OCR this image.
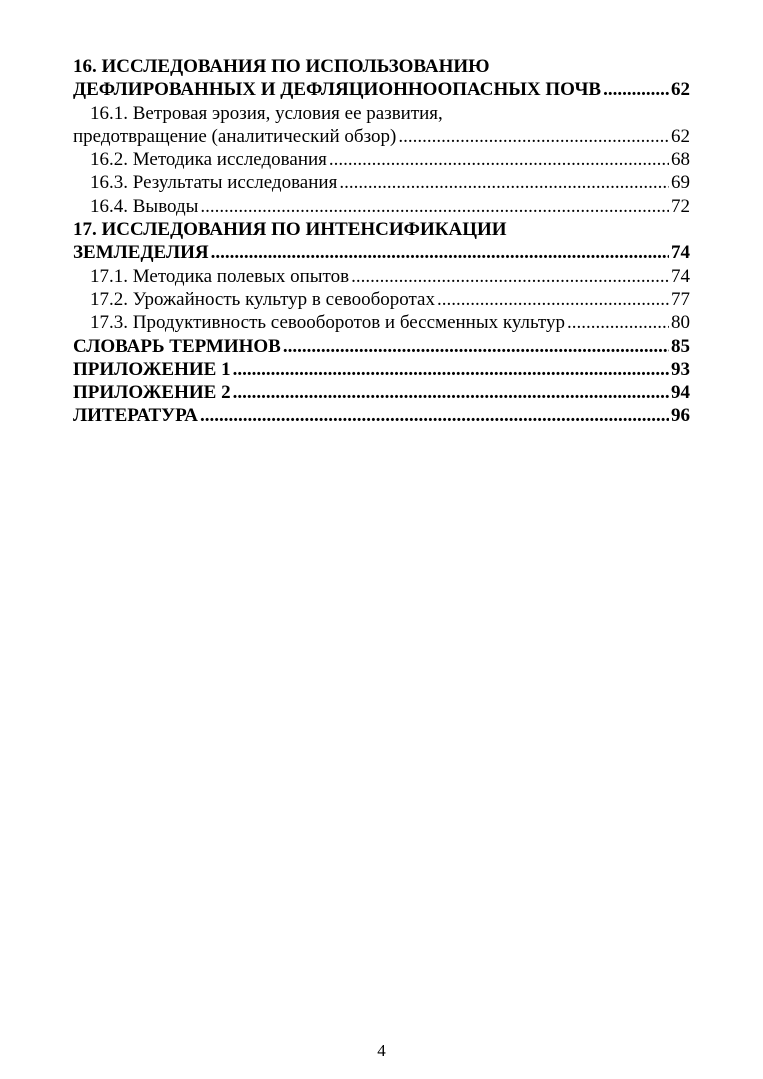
16. ИССЛЕДОВАНИЯ ПО ИСПОЛЬЗОВАНИЮ
ДЕФЛИРОВАННЫХ И ДЕФЛЯЦИОННООПАСНЫХ ПОЧВ .....	62
16.1. Ветровая эрозия, условия ее развития,
предотвращение (аналитический обзор) .....	62
16.2. Методика исследования .....	68
16.3. Результаты исследования .....	69
16.4. Выводы .....	72
17. ИССЛЕДОВАНИЯ ПО ИНТЕНСИФИКАЦИИ
ЗЕМЛЕДЕЛИЯ .....	74
17.1. Методика полевых опытов .....	74
17.2. Урожайность культур в севооборотах .....	77
17.3. Продуктивность севооборотов и бессменных культур .....	80
СЛОВАРЬ ТЕРМИНОВ .....	85
ПРИЛОЖЕНИЕ 1 .....	93
ПРИЛОЖЕНИЕ 2 .....	94
ЛИТЕРАТУРА .....	96
4
